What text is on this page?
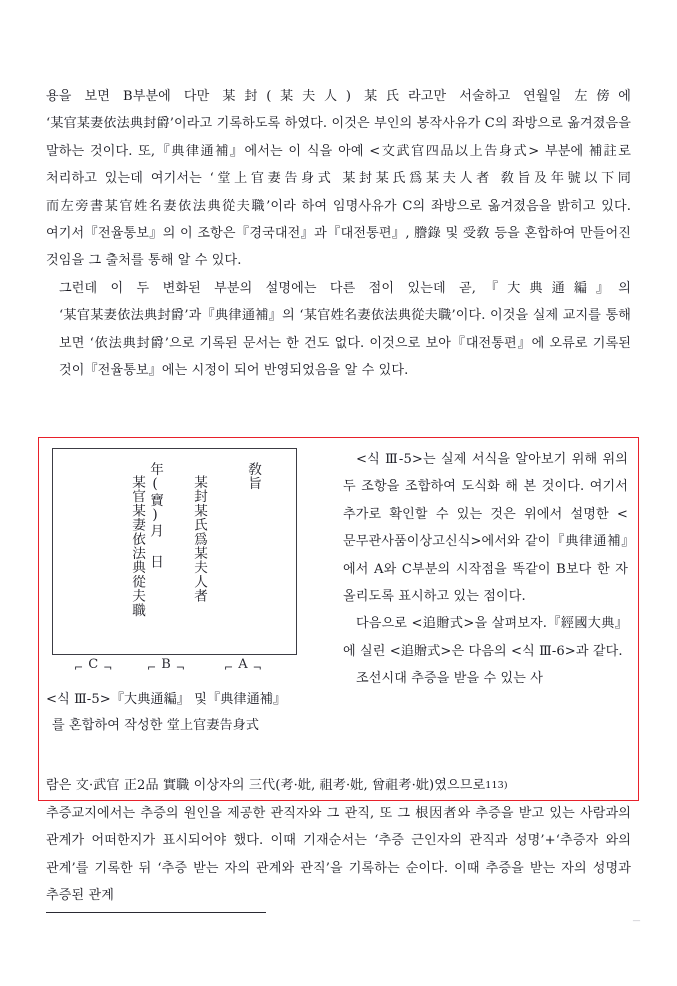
용을 보면 B부분에 다만 某封(某夫人) 某氏라고만 서술하고 연월일 左傍에 ‘某官某妻依法典封爵’이라고 기록하도록 하였다. 이것은 부인의 봉작사유가 C의 좌방으로 옮겨졌음을 말하는 것이다. 또,『典律通補』에서는 이 식을 아예 <文武官四品以上告身式> 부분에 補註로 처리하고 있는데 여기서는 ‘堂上官妻告身式 某封某氏爲某夫人者 敎旨及年號以下同 而左旁書某官姓名妻依法典從夫職’이라 하여 임명사유가 C의 좌방으로 옮겨졌음을 밝히고 있다. 여기서『전율통보』의 이 조항은『경국대전』과『대전통편』, 謄錄 및 受敎 등을 혼합하여 만들어진 것임을 그 출처를 통해 알 수 있다.
그런데 이 두 변화된 부분의 설명에는 다른 점이 있는데 곧,『大典通編』의 ‘某官某妻依法典封爵’과『典律通補』의 ‘某官姓名妻依法典從夫職’이다. 이것을 실제 교지를 통해 보면 ‘依法典封爵’으로 기록된 문서는 한 건도 없다. 이것으로 보아『대전통편』에 오류로 기록된 것이『전율통보』에는 시정이 되어 반영되었음을 알 수 있다.
敎旨
某封某氏爲某夫人者
年(寶)月 日
某官某妻依法典從夫職
⌐ C ¬	⌐ B ¬	⌐ A ¬
<식 Ⅲ-5>『大典通編』 및『典律通補』
를 혼합하여 작성한 堂上官妻告身式

<식 Ⅲ-5>는 실제 서식을 알아보기 위해 위의 두 조항을 조합하여 도식화 해 본 것이다. 여기서 추가로 확인할 수 있는 것은 위에서 설명한 <문무관사품이상고신식>에서와 같이『典律通補』에서 A와 C부분의 시작점을 똑같이 B보다 한 자 올리도록 표시하고 있는 점이다.

다음으로 <追贈式>을 살펴보자.『經國大典』에 실린 <追贈式>은 다음의 <식 Ⅲ-6>과 같다.

조선시대 추증을 받을 수 있는 사

람은 文·武官 正2品 實職 이상자의 三代(考·妣, 祖考·妣, 曾祖考·妣)였으므로113)
추증교지에서는 추증의 원인을 제공한 관직자와 그 관직, 또 그 根因者와 추증을 받고 있는 사람과의 관계가 어떠한지가 표시되어야 했다. 이때 기재순서는 ‘추증 근인자의 관직과 성명’+‘추증자 와의 관계’를 기록한 뒤 ‘추증 받는 자의 관계와 관직’을 기록하는 순이다. 이때 추증을 받는 자의 성명과 추증된 관계
—
